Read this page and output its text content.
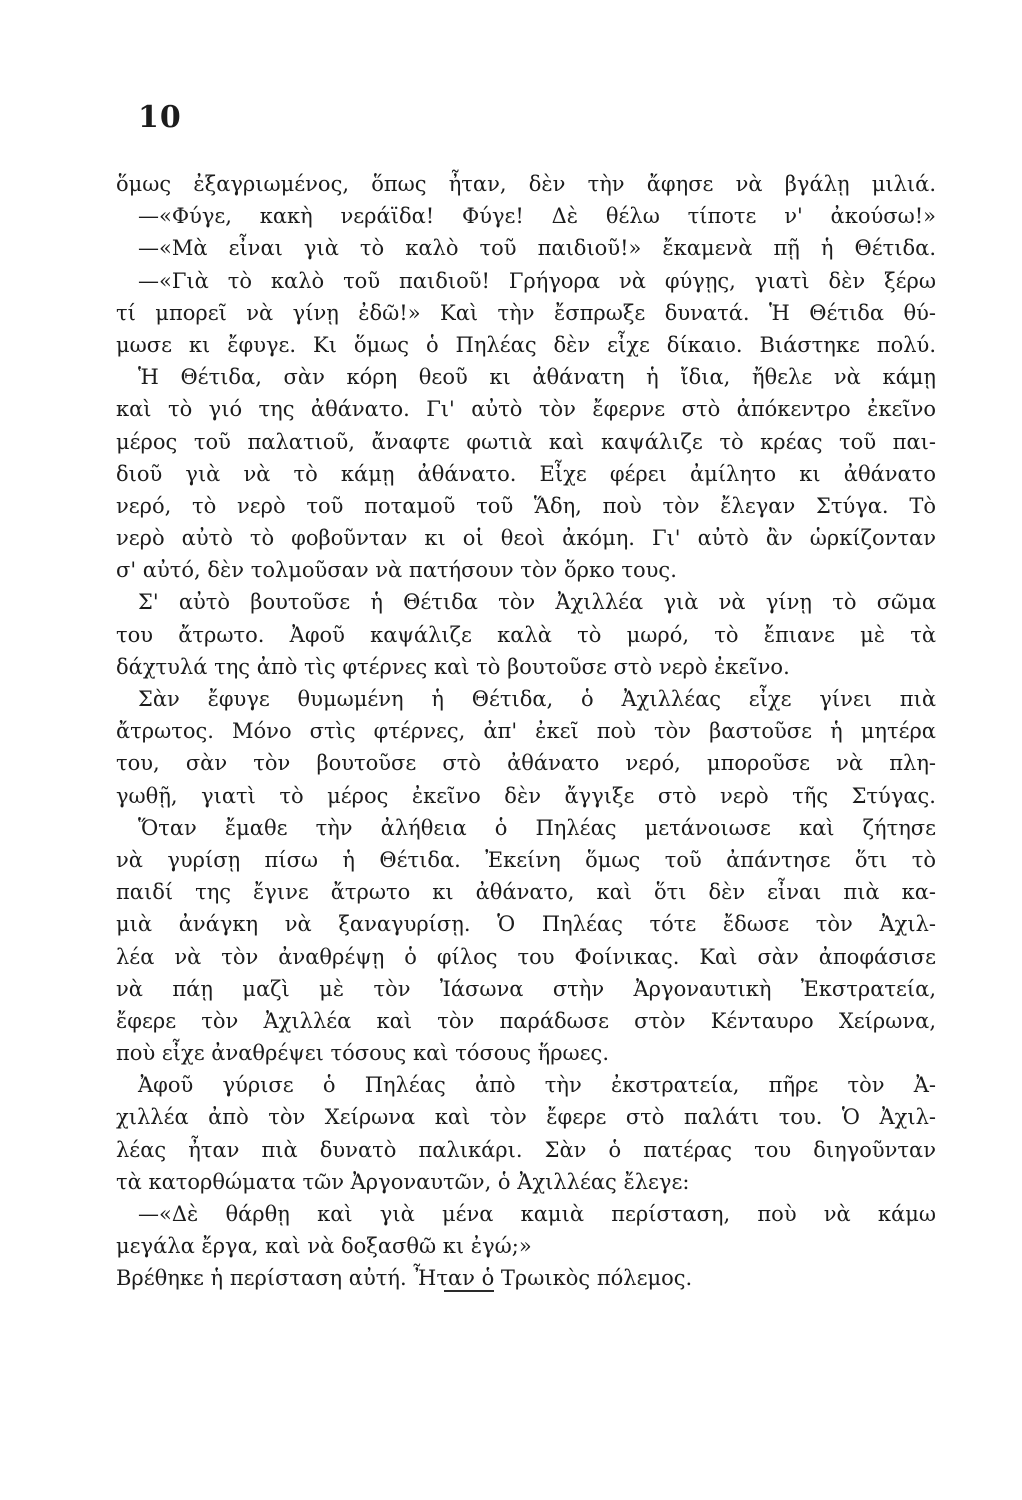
10
ὅμως ἐξαγριωμένος, ὅπως ἦταν, δὲν τὴν ἄφησε νὰ βγάλῃ μιλιά.
—«Φύγε, κακὴ νεράϊδα! Φύγε! Δὲ θέλω τίποτε ν' ἀκούσω!»
—«Μὰ εἶναι γιὰ τὸ καλὸ τοῦ παιδιοῦ!» ἔκαμενὰ πῇ ἡ Θέτιδα.
—«Γιὰ τὸ καλὸ τοῦ παιδιοῦ! Γρήγορα νὰ φύγῃς, γιατὶ δὲν ξέρω
τί μπορεῖ νὰ γίνῃ ἐδῶ!» Καὶ τὴν ἔσπρωξε δυνατά. Ἡ Θέτιδα θύ-
μωσε κι ἔφυγε. Κι ὅμως ὁ Πηλέας δὲν εἶχε δίκαιο. Βιάστηκε πολύ.
Ἡ Θέτιδα, σὰν κόρη θεοῦ κι ἀθάνατη ἡ ἴδια, ἤθελε νὰ κάμῃ
καὶ τὸ γιό της ἀθάνατο. Γι' αὐτὸ τὸν ἔφερνε στὸ ἀπόκεντρο ἐκεῖνο
μέρος τοῦ παλατιοῦ, ἄναφτε φωτιὰ καὶ καψάλιζε τὸ κρέας τοῦ παι-
διοῦ γιὰ νὰ τὸ κάμῃ ἀθάνατο. Εἶχε φέρει ἀμίλητο κι ἀθάνατο
νερό, τὸ νερὸ τοῦ ποταμοῦ τοῦ Ἅδη, ποὺ τὸν ἔλεγαν Στύγα. Τὸ
νερὸ αὐτὸ τὸ φοβοῦνταν κι οἱ θεοὶ ἀκόμη. Γι' αὐτὸ ἂν ὡρκίζονταν
σ' αὐτό, δὲν τολμοῦσαν νὰ πατήσουν τὸν ὅρκο τους.
Σ' αὐτὸ βουτοῦσε ἡ Θέτιδα τὸν Ἀχιλλέα γιὰ νὰ γίνῃ τὸ σῶμα
του ἄτρωτο. Ἀφοῦ καψάλιζε καλὰ τὸ μωρό, τὸ ἔπιανε μὲ τὰ
δάχτυλά της ἀπὸ τὶς φτέρνες καὶ τὸ βουτοῦσε στὸ νερὸ ἐκεῖνο.
Σὰν ἔφυγε θυμωμένη ἡ Θέτιδα, ὁ Ἀχιλλέας εἶχε γίνει πιὰ
ἄτρωτος. Μόνο στὶς φτέρνες, ἀπ' ἐκεῖ ποὺ τὸν βαστοῦσε ἡ μητέρα
του, σὰν τὸν βουτοῦσε στὸ ἀθάνατο νερό, μποροῦσε νὰ πλη-
γωθῇ, γιατὶ τὸ μέρος ἐκεῖνο δὲν ἄγγιξε στὸ νερὸ τῆς Στύγας.
Ὅταν ἔμαθε τὴν ἀλήθεια ὁ Πηλέας μετάνοιωσε καὶ ζήτησε
νὰ γυρίσῃ πίσω ἡ Θέτιδα. Ἐκείνη ὅμως τοῦ ἀπάντησε ὅτι τὸ
παιδί της ἔγινε ἄτρωτο κι ἀθάνατο, καὶ ὅτι δὲν εἶναι πιὰ κα-
μιὰ ἀνάγκη νὰ ξαναγυρίσῃ. Ὁ Πηλέας τότε ἔδωσε τὸν Ἀχιλ-
λέα νὰ τὸν ἀναθρέψῃ ὁ φίλος του Φοίνικας. Καὶ σὰν ἀποφάσισε
νὰ πάῃ μαζὶ μὲ τὸν Ἰάσωνα στὴν Ἀργοναυτικὴ Ἐκστρατεία,
ἔφερε τὸν Ἀχιλλέα καὶ τὸν παράδωσε στὸν Κένταυρο Χείρωνα,
ποὺ εἶχε ἀναθρέψει τόσους καὶ τόσους ἥρωες.
Ἀφοῦ γύρισε ὁ Πηλέας ἀπὸ τὴν ἐκστρατεία, πῆρε τὸν Ἀ-
χιλλέα ἀπὸ τὸν Χείρωνα καὶ τὸν ἔφερε στὸ παλάτι του. Ὁ Ἀχιλ-
λέας ἦταν πιὰ δυνατὸ παλικάρι. Σὰν ὁ πατέρας του διηγοῦνταν
τὰ κατορθώματα τῶν Ἀργοναυτῶν, ὁ Ἀχιλλέας ἔλεγε:
—«Δὲ θάρθῃ καὶ γιὰ μένα καμιὰ περίσταση, ποὺ νὰ κάμω
μεγάλα ἔργα, καὶ νὰ δοξασθῶ κι ἐγώ;»
Βρέθηκε ἡ περίσταση αὐτή. Ἦταν ὁ Τρωικὸς πόλεμος.
